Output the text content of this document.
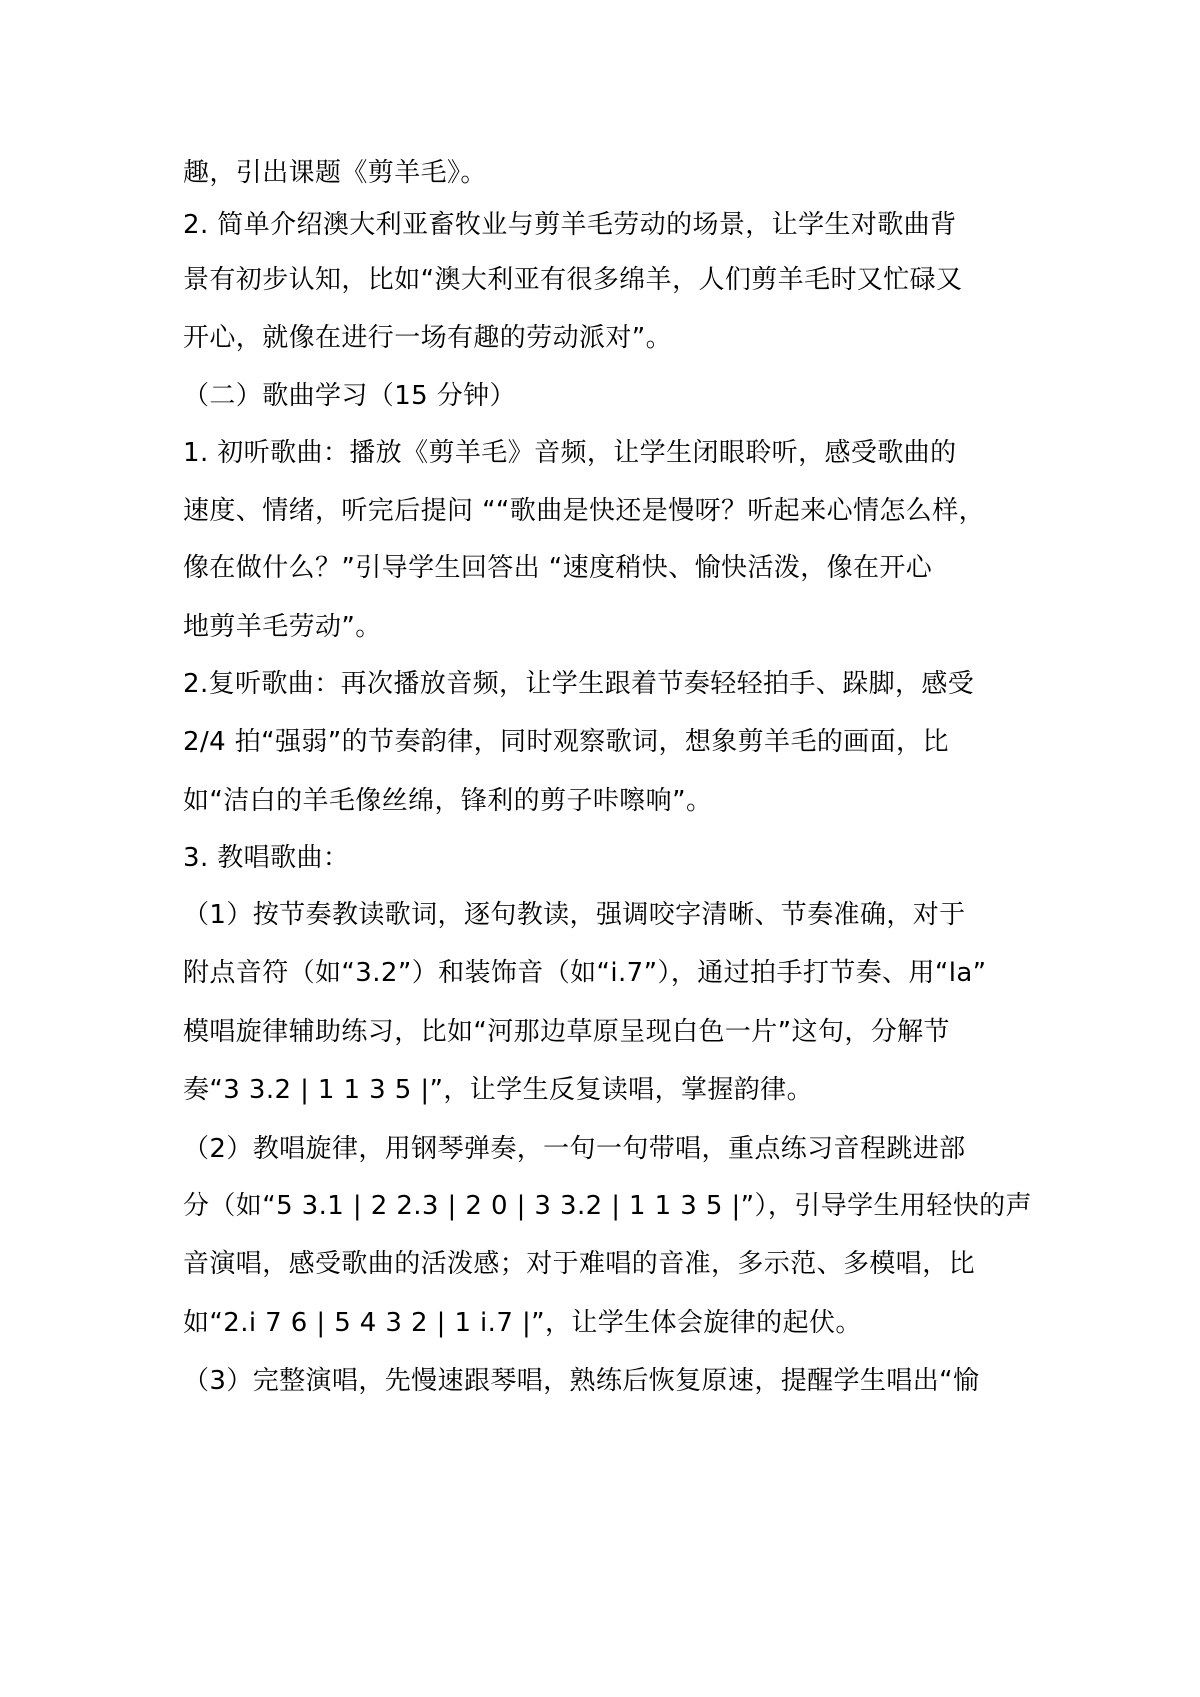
趣，引出课题《剪羊毛》。
2. 简单介绍澳大利亚畜牧业与剪羊毛劳动的场景，让学生对歌曲背
景有初步认知，比如“澳大利亚有很多绵羊，人们剪羊毛时又忙碌又
开心，就像在进行一场有趣的劳动派对”。
（二）歌曲学习（15 分钟）
1. 初听歌曲：播放《剪羊毛》音频，让学生闭眼聆听，感受歌曲的
速度、情绪，听完后提问 ““歌曲是快还是慢呀？听起来心情怎么样，
像在做什么？”引导学生回答出 “速度稍快、愉快活泼，像在开心
地剪羊毛劳动”。
2.复听歌曲：再次播放音频，让学生跟着节奏轻轻拍手、跺脚，感受
2/4 拍“强弱”的节奏韵律，同时观察歌词，想象剪羊毛的画面，比
如“洁白的羊毛像丝绵，锋利的剪子咔嚓响”。
3. 教唱歌曲：
（1）按节奏教读歌词，逐句教读，强调咬字清晰、节奏准确，对于
附点音符（如“3.2”）和装饰音（如“i.7”），通过拍手打节奏、用“la”
模唱旋律辅助练习，比如“河那边草原呈现白色一片”这句，分解节
奏“3 3.2 | 1 1 3 5 |”，让学生反复读唱，掌握韵律。
（2）教唱旋律，用钢琴弹奏，一句一句带唱，重点练习音程跳进部
分（如“5 3.1 | 2 2.3 | 2 0 | 3 3.2 | 1 1 3 5 |”），引导学生用轻快的声
音演唱，感受歌曲的活泼感；对于难唱的音准，多示范、多模唱，比
如“2.i 7 6 | 5 4 3 2 | 1 i.7 |”，让学生体会旋律的起伏。
（3）完整演唱，先慢速跟琴唱，熟练后恢复原速，提醒学生唱出“愉
